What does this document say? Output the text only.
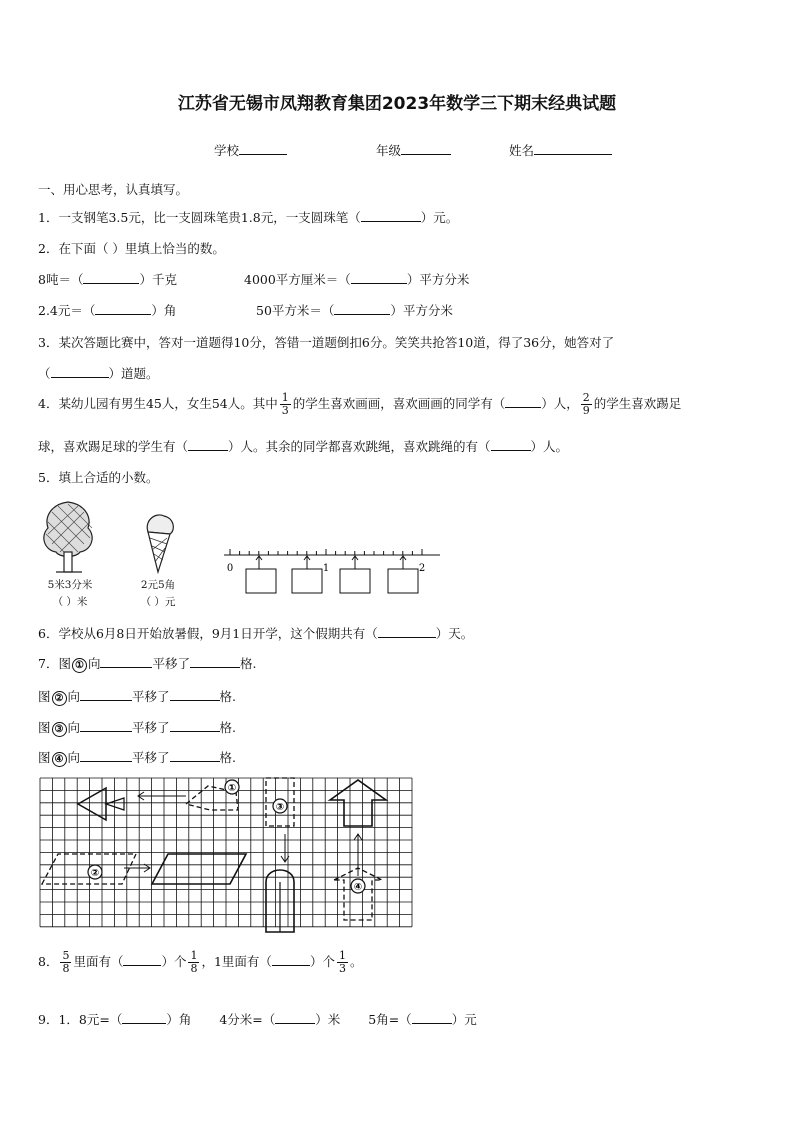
江苏省无锡市凤翔教育集团2023年数学三下期末经典试题
学校	年级	姓名
一、用心思考，认真填写。
1．一支钢笔3.5元，比一支圆珠笔贵1.8元，一支圆珠笔（	）元。
2．在下面（ ）里填上恰当的数。
8吨＝（	）千克	4000平方厘米＝（	）平方分米
2.4元＝（	）角	50平方米＝（	）平方分米
3．某次答题比赛中，答对一道题得10分，答错一道题倒扣6分。笑笑共抢答10道，得了36分，她答对了
（	）道题。
4．某幼儿园有男生45人，女生54人。其中 $\frac{1}{3}$ 的学生喜欢画画，喜欢画画的同学有（	）人， $\frac{2}{9}$ 的学生喜欢踢足
球，喜欢踢足球的学生有（	）人。其余的同学都喜欢跳绳，喜欢跳绳的有（	）人。
5．填上合适的小数。
5米3分米
（ ）米
2元5角
（ ）元
0	1	2
6．学校从6月8日开始放暑假，9月1日开学，这个假期共有（	）天。
7．图 ① 向	平移了	格.
图 ② 向	平移了	格.
图 ③ 向	平移了	格.
图 ④ 向	平移了	格.
①
③
②
④
8． $\frac{5}{8}$ 里面有（	）个 $\frac{1}{8}$ ，1里面有（	）个 $\frac{1}{3}$ 。
9．1．8元=（	）角 4分米=（	）米 5角=（	）元
